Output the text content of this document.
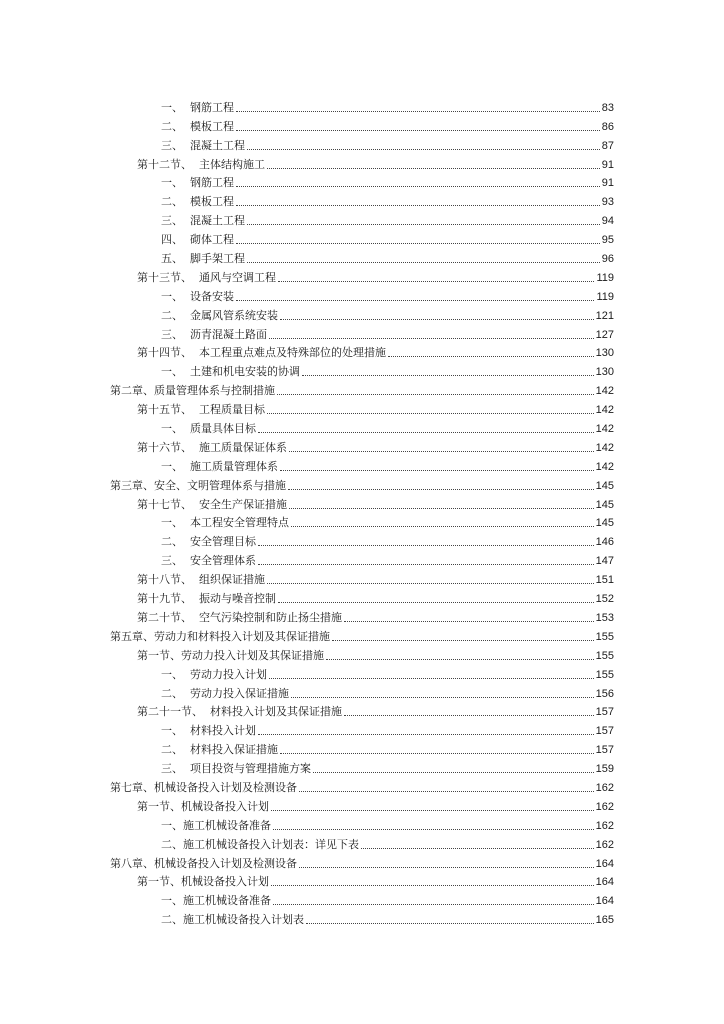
一、  钢筋工程	83
二、  模板工程	86
三、  混凝土工程	87
第十二节、  主体结构施工	91
一、  钢筋工程	91
二、  模板工程	93
三、  混凝土工程	94
四、  砌体工程	95
五、  脚手架工程	96
第十三节、  通风与空调工程	119
一、  设备安装	119
二、  金属风管系统安装	121
三、  沥青混凝土路面	127
第十四节、  本工程重点难点及特殊部位的处理措施	130
一、  土建和机电安装的协调	130
第二章、质量管理体系与控制措施	142
第十五节、  工程质量目标	142
一、  质量具体目标	142
第十六节、  施工质量保证体系	142
一、  施工质量管理体系	142
第三章、安全、文明管理体系与措施	145
第十七节、  安全生产保证措施	145
一、  本工程安全管理特点	145
二、  安全管理目标	146
三、  安全管理体系	147
第十八节、  组织保证措施	151
第十九节、  振动与噪音控制	152
第二十节、  空气污染控制和防止扬尘措施	153
第五章、劳动力和材料投入计划及其保证措施	155
第一节、劳动力投入计划及其保证措施	155
一、  劳动力投入计划	155
二、  劳动力投入保证措施	156
第二十一节、  材料投入计划及其保证措施	157
一、  材料投入计划	157
二、  材料投入保证措施	157
三、  项目投资与管理措施方案	159
第七章、机械设备投入计划及检测设备	162
第一节、机械设备投入计划	162
一、施工机械设备准备	162
二、施工机械设备投入计划表：详见下表	162
第八章、机械设备投入计划及检测设备	164
第一节、机械设备投入计划	164
一、施工机械设备准备	164
二、施工机械设备投入计划表	165
